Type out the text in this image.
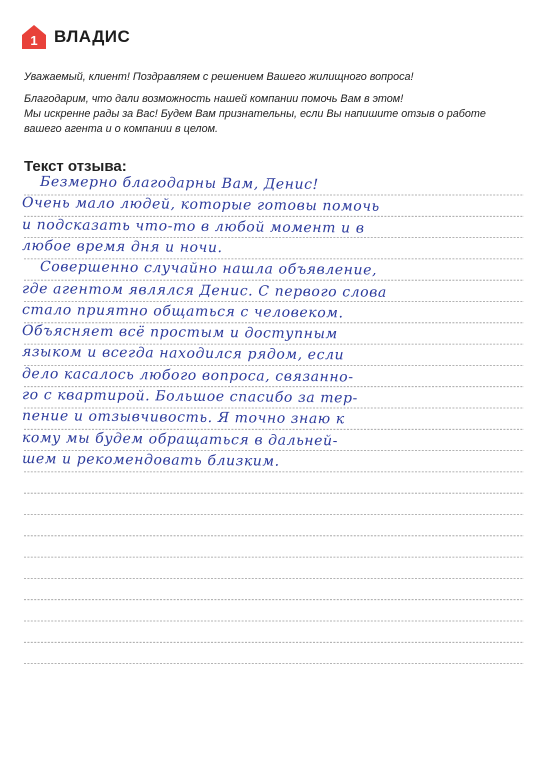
1 ВЛАДИС

Уважаемый, клиент! Поздравляем с решением Вашего жилищного вопроса!

Благодарим, что дали возможность нашей компании помочь Вам в этом!

Мы искренне рады за Вас! Будем Вам признательны, если Вы напишите отзыв о работе

вашего агента и о компании в целом.

Текст отзыва:
Безмерно благодарны Вам, Денис!
Очень мало людей, которые готовы помочь
и подсказать что-то в любой момент и в
любое время дня и ночи.
Совершенно случайно нашла объявление,
где агентом являлся Денис. С первого слова
стало приятно общаться с человеком.
Объясняет всё простым и доступным
языком и всегда находился рядом, если
дело касалось любого вопроса, связанно-
го с квартирой. Большое спасибо за тер-
пение и отзывчивость. Я точно знаю к
кому мы будем обращаться в дальней-
шем и рекомендовать близким.
